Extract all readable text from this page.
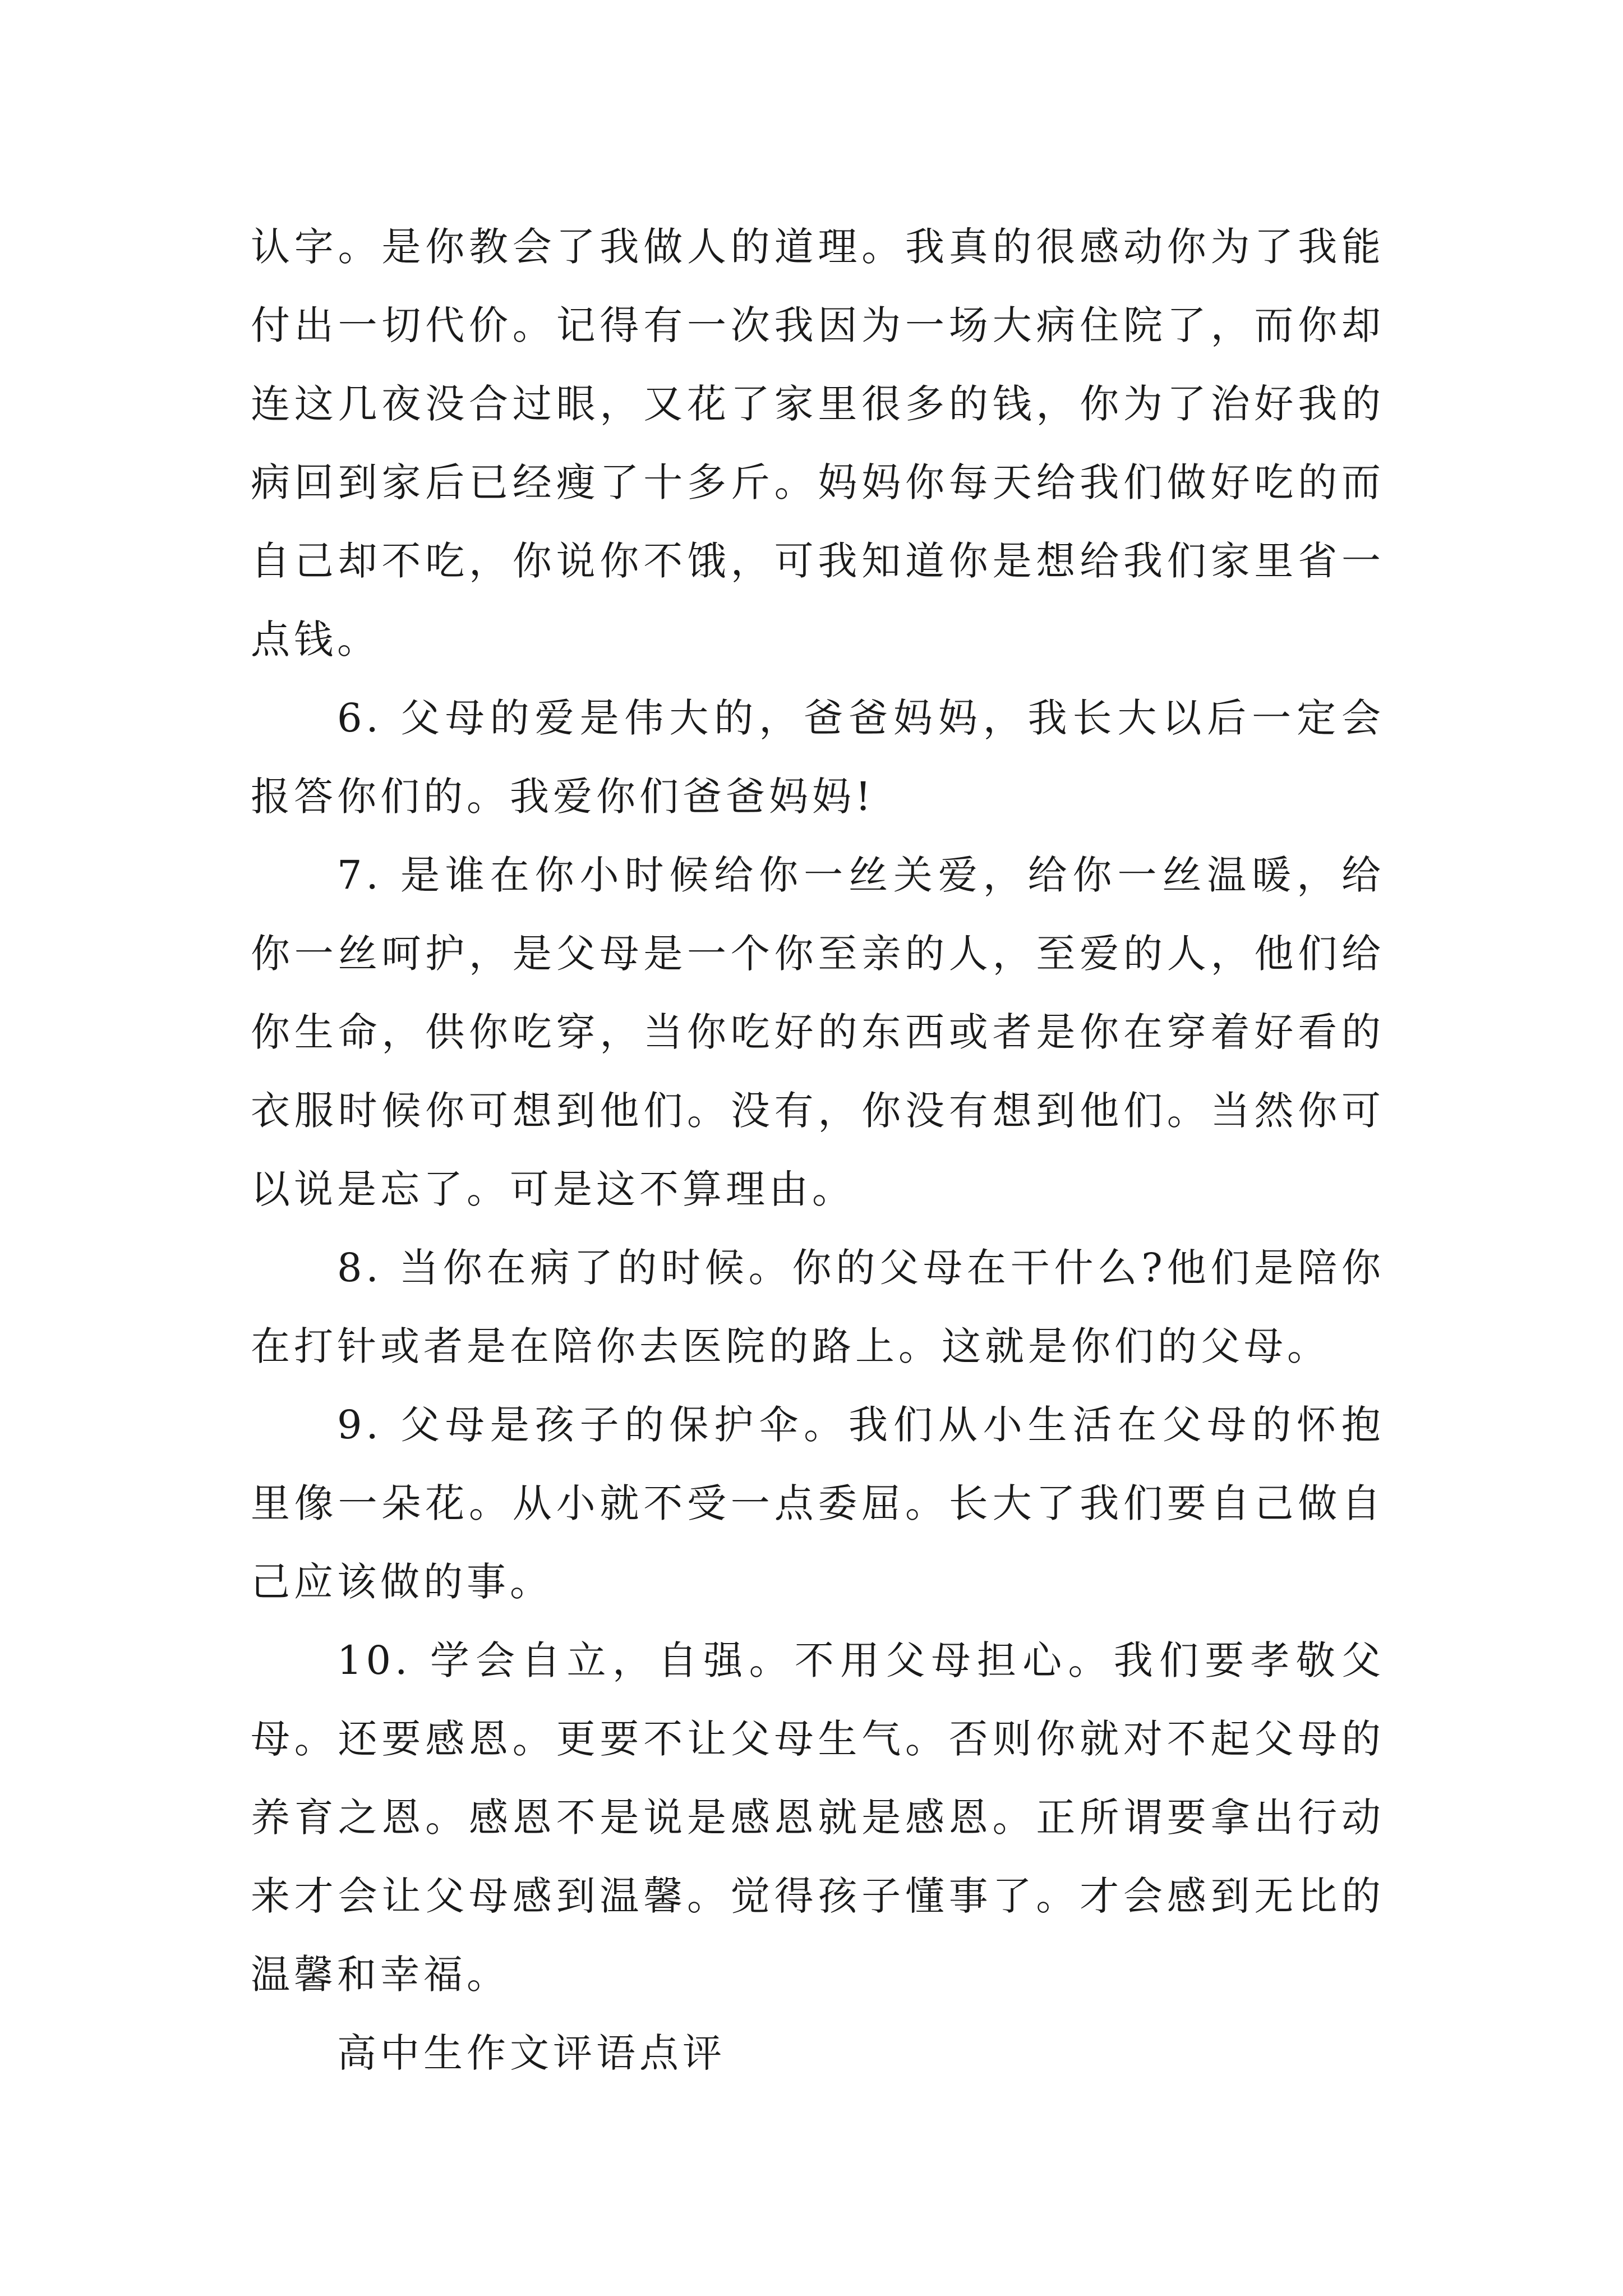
认字。是你教会了我做人的道理。我真的很感动你为了我能付出一切代价。记得有一次我因为一场大病住院了，而你却连这几夜没合过眼，又花了家里很多的钱，你为了治好我的病回到家后已经瘦了十多斤。妈妈你每天给我们做好吃的而自己却不吃，你说你不饿，可我知道你是想给我们家里省一点钱。

6. 父母的爱是伟大的，爸爸妈妈，我长大以后一定会报答你们的。我爱你们爸爸妈妈!

7. 是谁在你小时候给你一丝关爱，给你一丝温暖，给你一丝呵护，是父母是一个你至亲的人，至爱的人，他们给你生命，供你吃穿，当你吃好的东西或者是你在穿着好看的衣服时候你可想到他们。没有，你没有想到他们。当然你可以说是忘了。可是这不算理由。

8. 当你在病了的时候。你的父母在干什么?他们是陪你在打针或者是在陪你去医院的路上。这就是你们的父母。

9. 父母是孩子的保护伞。我们从小生活在父母的怀抱里像一朵花。从小就不受一点委屈。长大了我们要自己做自己应该做的事。

10. 学会自立，自强。不用父母担心。我们要孝敬父母。还要感恩。更要不让父母生气。否则你就对不起父母的养育之恩。感恩不是说是感恩就是感恩。正所谓要拿出行动来才会让父母感到温馨。觉得孩子懂事了。才会感到无比的温馨和幸福。

高中生作文评语点评
